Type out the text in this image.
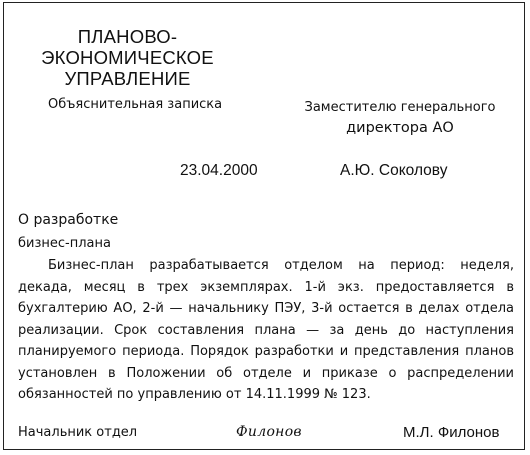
ПЛАНОВО-
ЭКОНОМИЧЕСКОЕ
УПРАВЛЕНИЕ
Объяснительная записка	Заместителю генерального
директора АО
23.04.2000	А.Ю. Соколову
О разработке
бизнес-плана
Бизнес-план разрабатывается отделом на период: неделя, декада, месяц в трех экземплярах. 1-й экз. предоставляется в бухгалтерию АО, 2-й — начальнику ПЭУ, 3-й остается в делах отдела реализации. Срок составления плана — за день до наступления планируемого периода. Порядок разработки и представления планов установлен в Положении об отделе и приказе о распределении обязанностей по управлению от 14.11.1999 № 123.
Начальник отдел	Филонов	М.Л. Филонов
